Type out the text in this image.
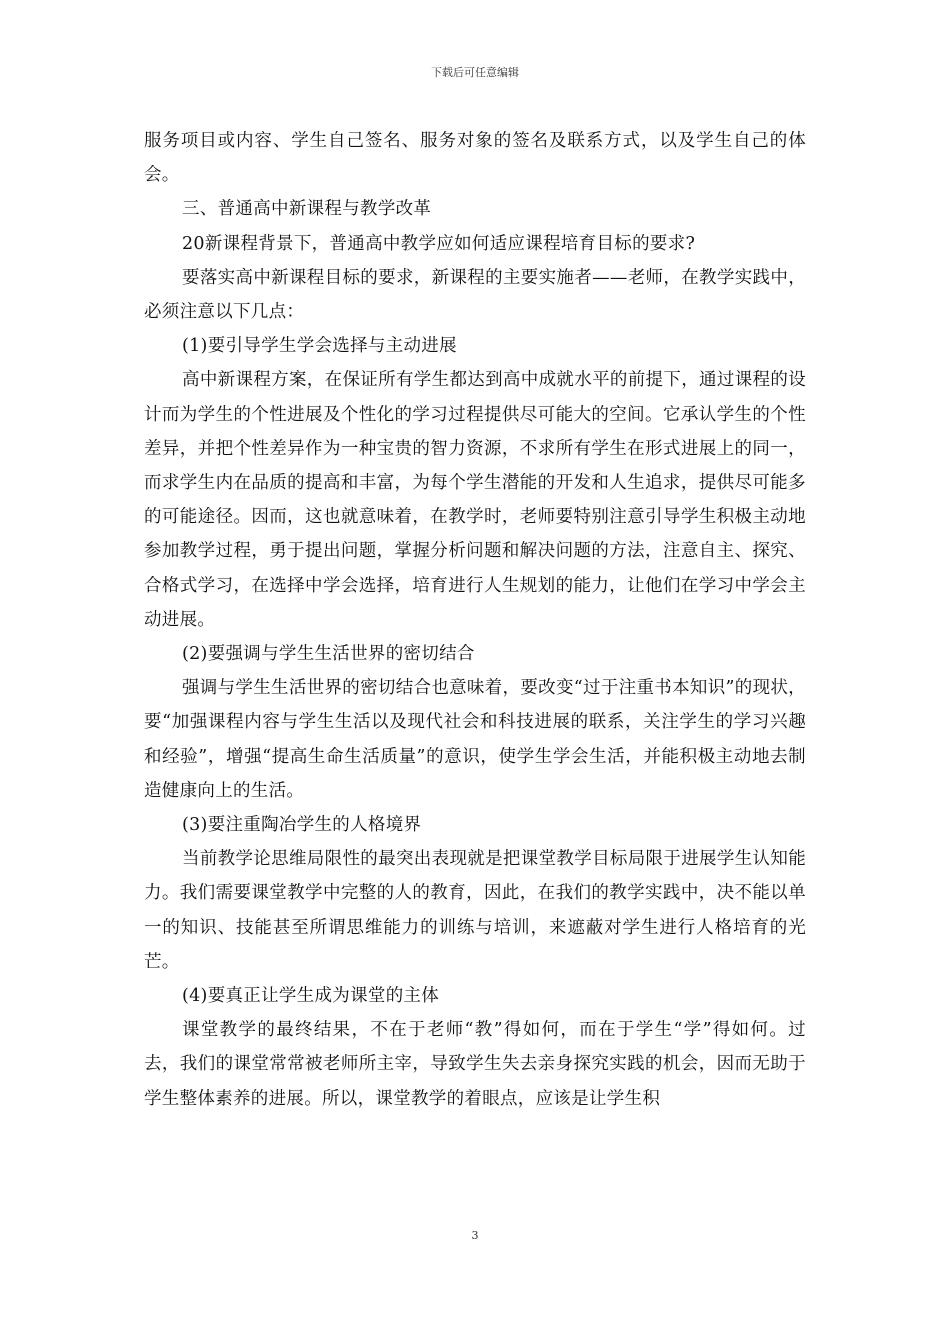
下载后可任意编辑

服务项目或内容、学生自己签名、服务对象的签名及联系方式，以及学生自己的体会。

三、普通高中新课程与教学改革

20新课程背景下，普通高中教学应如何适应课程培育目标的要求?

要落实高中新课程目标的要求，新课程的主要实施者——老师，在教学实践中，必须注意以下几点：

(1)要引导学生学会选择与主动进展

高中新课程方案，在保证所有学生都达到高中成就水平的前提下，通过课程的设计而为学生的个性进展及个性化的学习过程提供尽可能大的空间。它承认学生的个性差异，并把个性差异作为一种宝贵的智力资源，不求所有学生在形式进展上的同一，而求学生内在品质的提高和丰富，为每个学生潜能的开发和人生追求，提供尽可能多的可能途径。因而，这也就意味着，在教学时，老师要特别注意引导学生积极主动地参加教学过程，勇于提出问题，掌握分析问题和解决问题的方法，注意自主、探究、合格式学习，在选择中学会选择，培育进行人生规划的能力，让他们在学习中学会主动进展。

(2)要强调与学生生活世界的密切结合

强调与学生生活世界的密切结合也意味着，要改变“过于注重书本知识”的现状，要“加强课程内容与学生生活以及现代社会和科技进展的联系，关注学生的学习兴趣和经验”，增强“提高生命生活质量”的意识，使学生学会生活，并能积极主动地去制造健康向上的生活。

(3)要注重陶冶学生的人格境界

当前教学论思维局限性的最突出表现就是把课堂教学目标局限于进展学生认知能力。我们需要课堂教学中完整的人的教育，因此，在我们的教学实践中，决不能以单一的知识、技能甚至所谓思维能力的训练与培训，来遮蔽对学生进行人格培育的光芒。

(4)要真正让学生成为课堂的主体

课堂教学的最终结果，不在于老师“教”得如何，而在于学生“学”得如何。过去，我们的课堂常常被老师所主宰，导致学生失去亲身探究实践的机会，因而无助于学生整体素养的进展。所以，课堂教学的着眼点，应该是让学生积

3
